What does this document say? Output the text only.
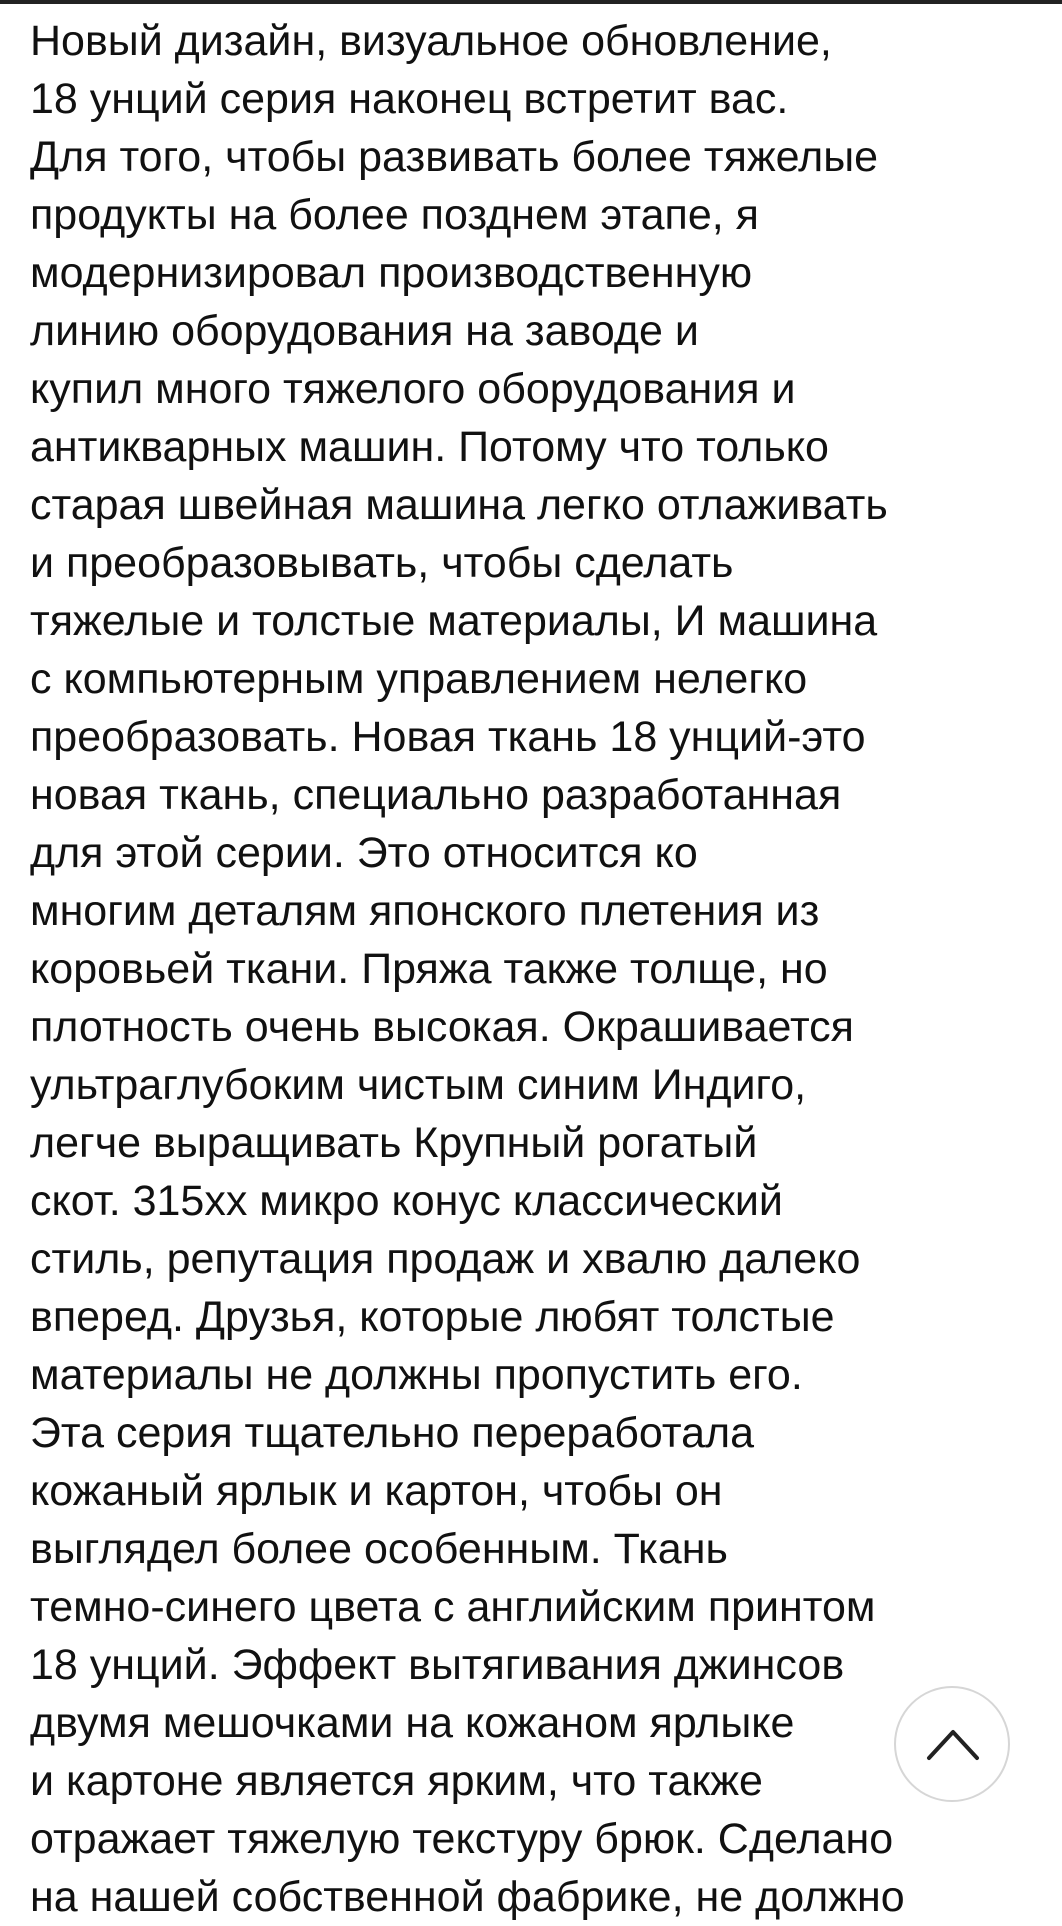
Новый дизайн, визуальное обновление,
18 унций серия наконец встретит вас.
Для того, чтобы развивать более тяжелые
продукты на более позднем этапе, я
модернизировал производственную
линию оборудования на заводе и
купил много тяжелого оборудования и
антикварных машин. Потому что только
старая швейная машина легко отлаживать
и преобразовывать, чтобы сделать
тяжелые и толстые материалы, И машина
с компьютерным управлением нелегко
преобразовать. Новая ткань 18 унций-это
новая ткань, специально разработанная
для этой серии. Это относится ко
многим деталям японского плетения из
коровьей ткани. Пряжа также толще, но
плотность очень высокая. Окрашивается
ультраглубоким чистым синим Индиго,
легче выращивать Крупный рогатый
скот. 315хх микро конус классический
стиль, репутация продаж и хвалю далеко
вперед. Друзья, которые любят толстые
материалы не должны пропустить его.
Эта серия тщательно переработала
кожаный ярлык и картон, чтобы он
выглядел более особенным. Ткань
темно-синего цвета с английским принтом
18 унций. Эффект вытягивания джинсов
двумя мешочками на кожаном ярлыке
и картоне является ярким, что также
отражает тяжелую текстуру брюк. Сделано
на нашей собственной фабрике, не должно
